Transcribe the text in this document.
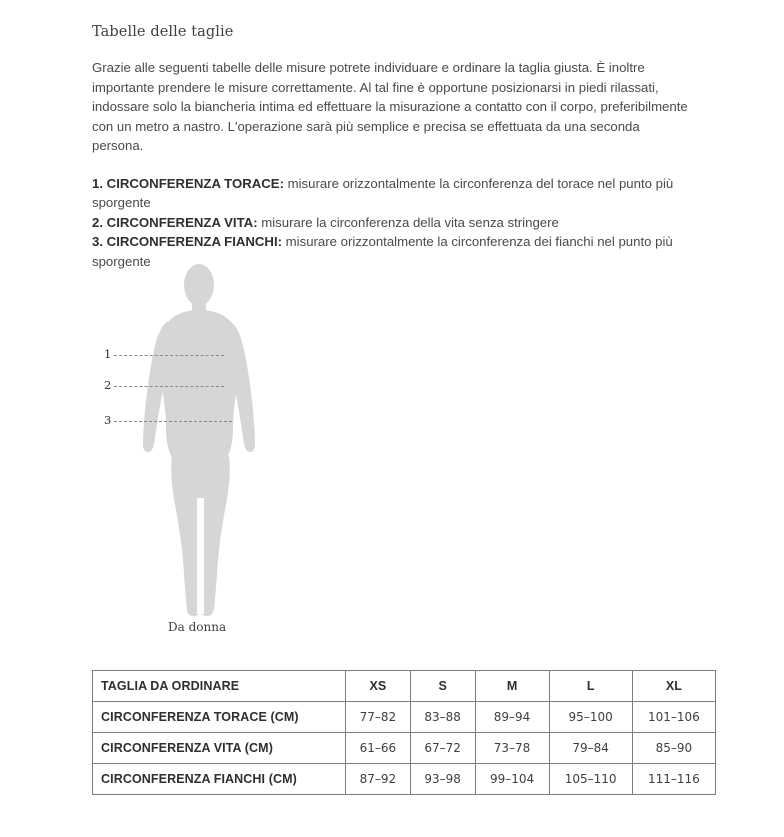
Tabelle delle taglie

Grazie alle seguenti tabelle delle misure potrete individuare e ordinare la taglia giusta. È inoltre importante prendere le misure correttamente. Al tal fine è opportune posizionarsi in piedi rilassati, indossare solo la biancheria intima ed effettuare la misurazione a contatto con il corpo, preferibilmente con un metro a nastro. L'operazione sarà più semplice e precisa se effettuata da una seconda persona.

1. CIRCONFERENZA TORACE: misurare orizzontalmente la circonferenza del torace nel punto più sporgente

2. CIRCONFERENZA VITA: misurare la circonferenza della vita senza stringere

3. CIRCONFERENZA FIANCHI: misurare orizzontalmente la circonferenza dei fianchi nel punto più sporgente

1
2
3
Da donna
TAGLIA DA ORDINARE	XS	S	M	L	XL
CIRCONFERENZA TORACE (CM)	77–82	83–88	89–94	95–100	101–106
CIRCONFERENZA VITA (CM)	61–66	67–72	73–78	79–84	85–90
CIRCONFERENZA FIANCHI (CM)	87–92	93–98	99–104	105–110	111–116
